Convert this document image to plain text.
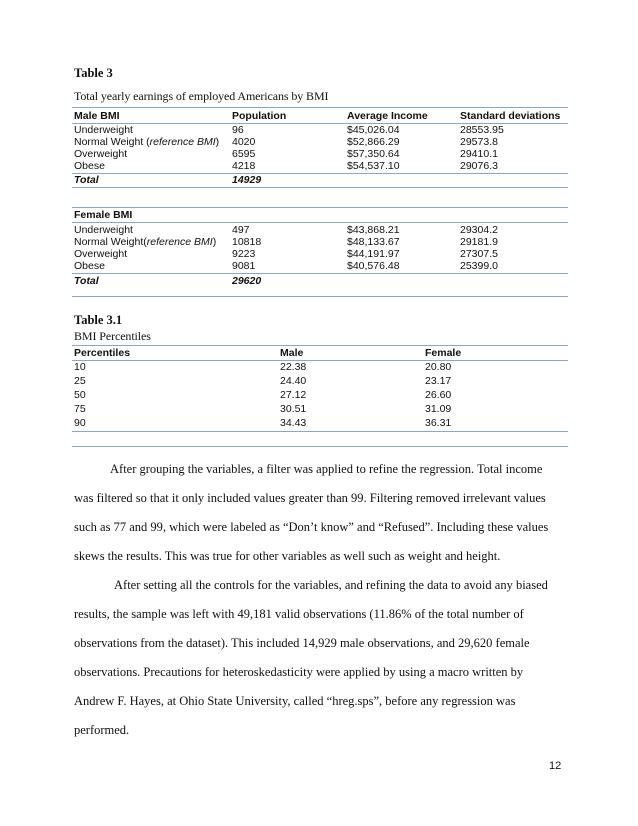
Table 3
Total yearly earnings of employed Americans by BMI
Male BMI	Population	Average Income	Standard deviations
Underweight	96	$45,026.04	28553.95
Normal Weight (reference BMI) 4020	$52,866.29	29573.8
Overweight	6595	$57,350.64	29410.1
Obese	4218	$54,537.10	29076.3
Total	14929
Female BMI
Underweight	497	$43,868.21	29304.2
Normal Weight(reference BMI) 10818	$48,133.67	29181.9
Overweight	9223	$44,191.97	27307.5
Obese	9081	$40,576.48	25399.0
Total	29620
Table 3.1
BMI Percentiles
Percentiles	Male	Female
10	22.38	20.80
25	24.40	23.17
50	27.12	26.60
75	30.51	31.09
90	34.43	36.31
After grouping the variables, a filter was applied to refine the regression. Total income
was filtered so that it only included values greater than 99. Filtering removed irrelevant values
such as 77 and 99, which were labeled as “Don’t know” and “Refused”. Including these values
skews the results. This was true for other variables as well such as weight and height.
After setting all the controls for the variables, and refining the data to avoid any biased
results, the sample was left with 49,181 valid observations (11.86% of the total number of
observations from the dataset). This included 14,929 male observations, and 29,620 female
observations. Precautions for heteroskedasticity were applied by using a macro written by
Andrew F. Hayes, at Ohio State University, called “hreg.sps”, before any regression was
performed.
12
